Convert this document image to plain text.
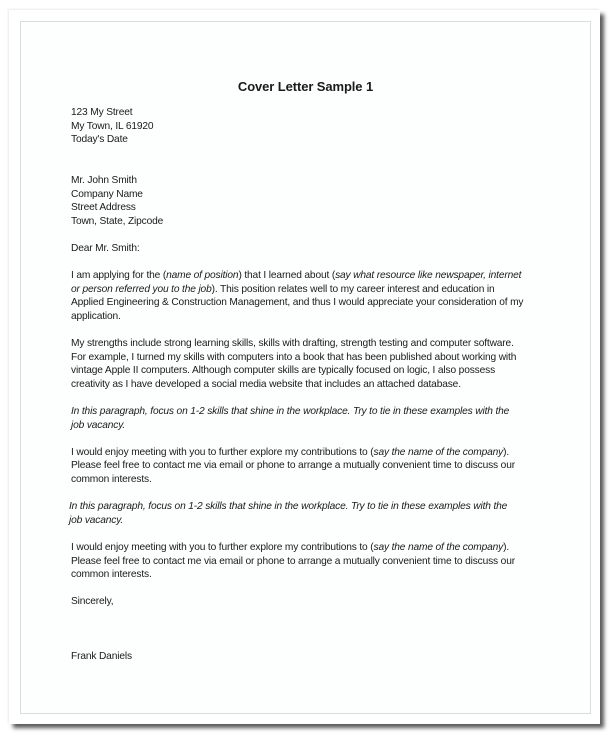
Cover Letter Sample 1
123 My Street
My Town, IL 61920
Today's Date
Mr. John Smith
Company Name
Street Address
Town, State, Zipcode
Dear Mr. Smith:

I am applying for the (name of position) that I learned about (say what resource like newspaper, internet

or person referred you to the job). This position relates well to my career interest and education in

Applied Engineering & Construction Management, and thus I would appreciate your consideration of my

application.

My strengths include strong learning skills, skills with drafting, strength testing and computer software.

For example, I turned my skills with computers into a book that has been published about working with

vintage Apple II computers. Although computer skills are typically focused on logic, I also possess

creativity as I have developed a social media website that includes an attached database.

In this paragraph, focus on 1-2 skills that shine in the workplace. Try to tie in these examples with the

job vacancy.

I would enjoy meeting with you to further explore my contributions to (say the name of the company).

Please feel free to contact me via email or phone to arrange a mutually convenient time to discuss our

common interests.

In this paragraph, focus on 1-2 skills that shine in the workplace. Try to tie in these examples with the

job vacancy.

I would enjoy meeting with you to further explore my contributions to (say the name of the company).

Please feel free to contact me via email or phone to arrange a mutually convenient time to discuss our

common interests.

Sincerely,
Frank Daniels
